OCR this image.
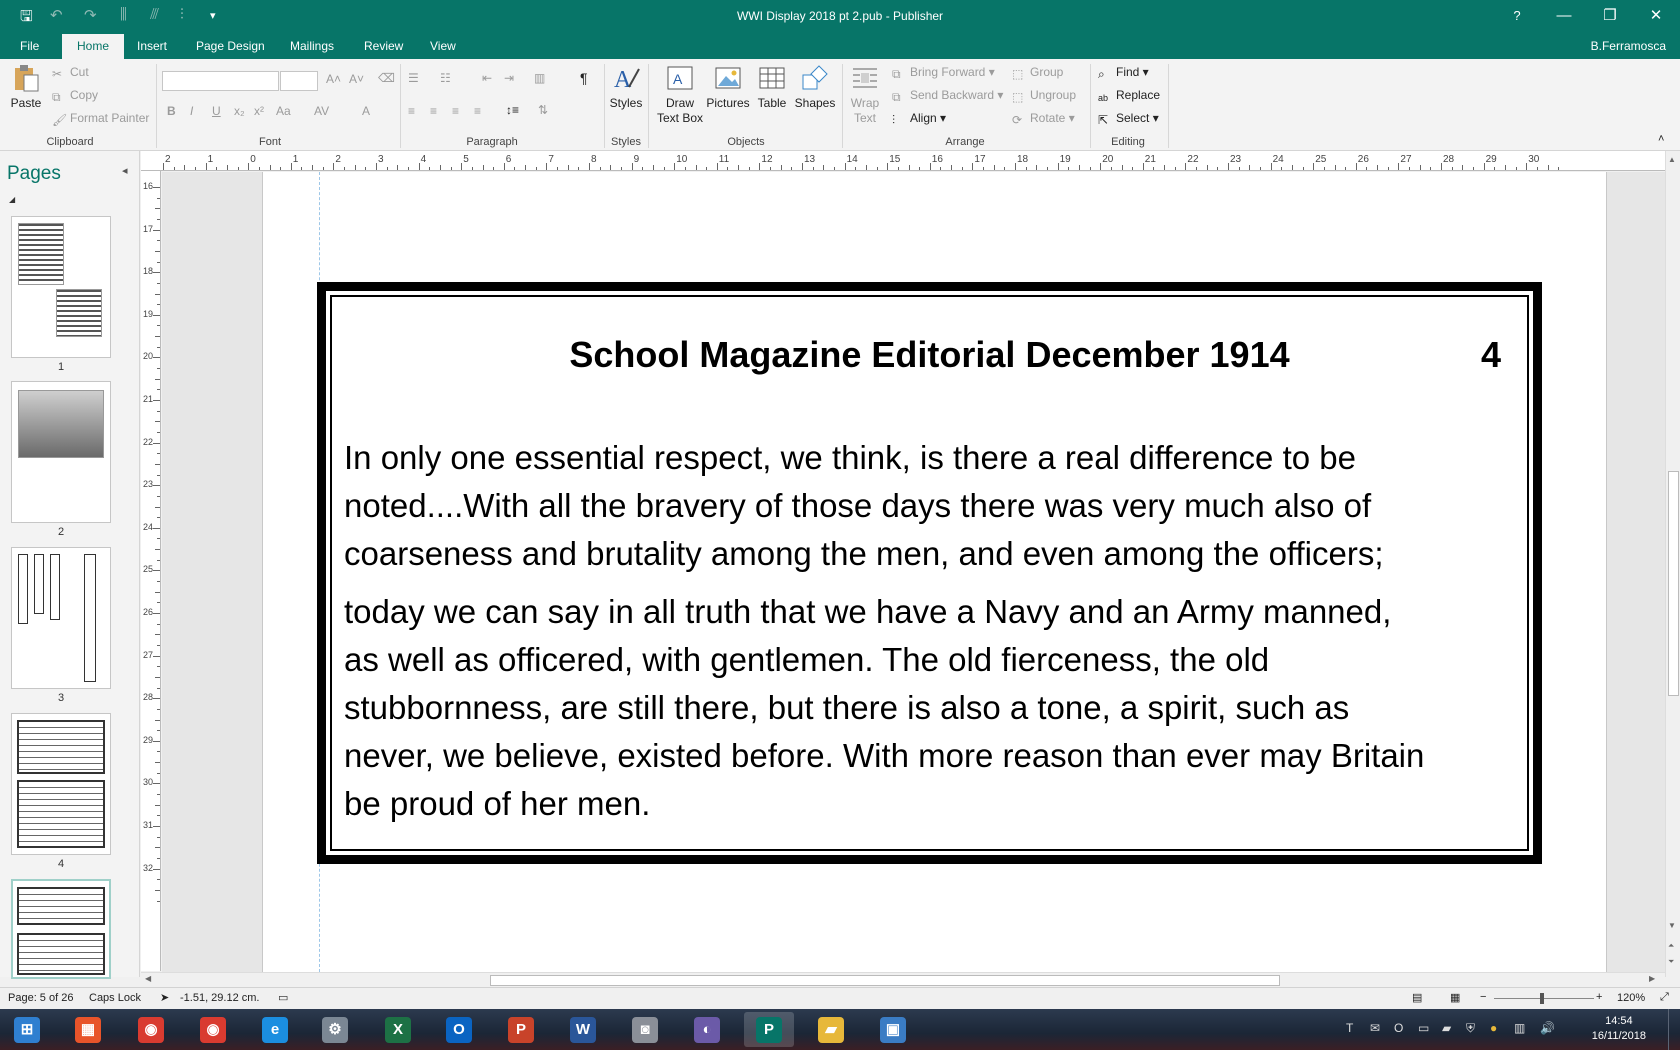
🖫 ↶ ↷ ⫼ ⫻ ⫶ ▾	WWI Display 2018 pt 2.pub - Publisher	?	—	❐	✕
File	Home	Insert	Page Design	Mailings	Review	View	B.Ferramosca
Paste
✂ Cut
⧉ Copy
🖌 Format Painter
Clipboard
A˄ A˅ ⌫
B I U x₂ x² Aa AV	A
Font
☰ ☷	⇤ ⇥ ▥ ¶
≡ ≡ ≡ ≡ ↕≡ ⇅
Paragraph
A
Styles
Styles
A
Draw
Text Box
Pictures Table Shapes
Objects
Wrap
Text
⧉ Bring Forward ▾
⧉ Send Backward ▾
⫶ Align ▾
⬚ Group
⬚ Ungroup
⟳ Rotate ▾
Arrange
⌕ Find ▾
ab Replace
⇱ Select ▾
Editing	˄
Pages	◂
◢
1
2
3
4
2	1	0	1	2	3	4	5	6	7	8	9	10	11	12	13	14	15	16	17	18	19	20	21	22	23	24	25	26	27	28	29	30
16
17
18
19
20
21
22
23
24
25
26
27
28
29
30
31
32
School Magazine Editorial December 1914	4
In only one essential respect, we think, is there a real difference to be
noted....With all the bravery of those days there was very much also of
coarseness and brutality among the men, and even among the officers;
today we can say in all truth that we have a Navy and an Army manned,
as well as officered, with gentlemen. The old fierceness, the old
stubbornness, are still there, but there is also a tone, a spirit, such as
never, we believe, existed before. With more reason than ever may Britain
be proud of her men.
▲
▼
⏶
⏷
◀	▶
Page: 5 of 26 Caps Lock ➤ -1.51, 29.12 cm. ▭	▤	▦ −	+ 120% ⤢
⊞	▦	◉	◉	e	⚙	X	O	P	W	◙	◐	P	▰	▣	T ✉ O ▭ ▰ ⛨ ● ▥ 🔊	14:54
16/11/2018
